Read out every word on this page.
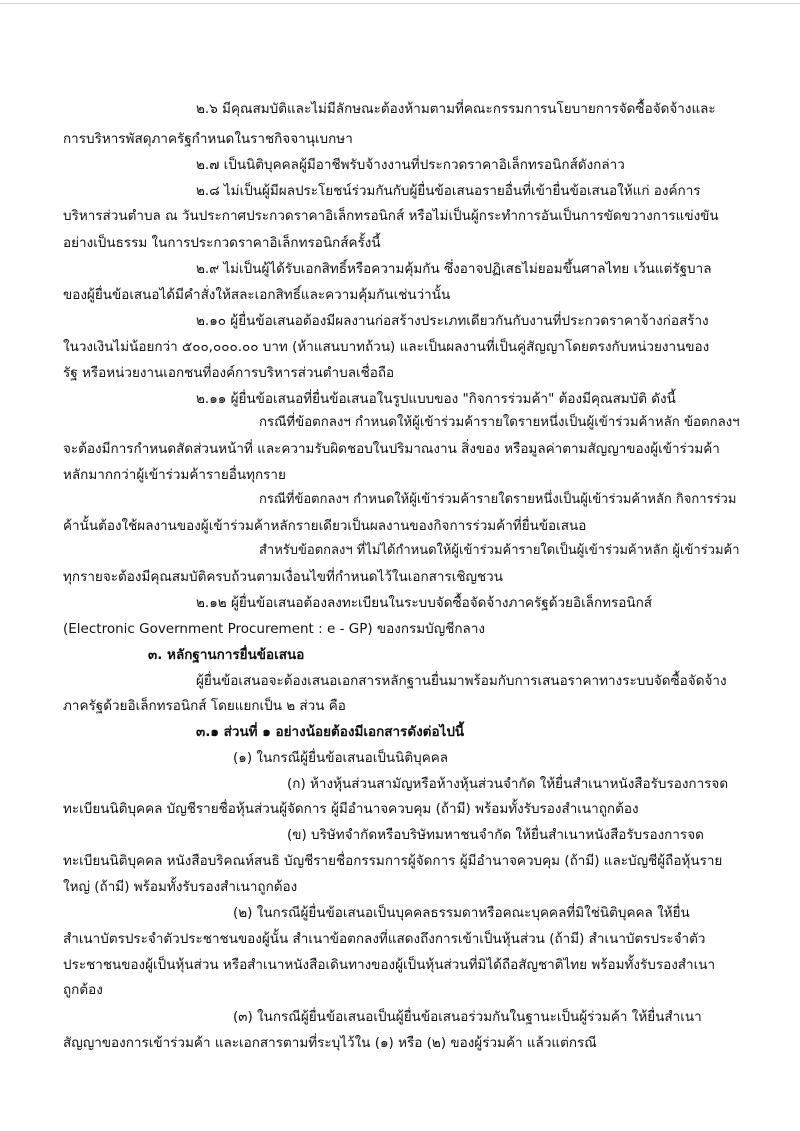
๒.๖ มีคุณสมบัติและไม่มีลักษณะต้องห้ามตามที่คณะกรรมการนโยบายการจัดซื้อจัดจ้างและ
การบริหารพัสดุภาครัฐกำหนดในราชกิจจานุเบกษา
๒.๗ เป็นนิติบุคคลผู้มีอาชีพรับจ้างงานที่ประกวดราคาอิเล็กทรอนิกส์ดังกล่าว
๒.๘ ไม่เป็นผู้มีผลประโยชน์ร่วมกันกับผู้ยื่นข้อเสนอรายอื่นที่เข้ายื่นข้อเสนอให้แก่ องค์การ
บริหารส่วนตำบล ณ วันประกาศประกวดราคาอิเล็กทรอนิกส์ หรือไม่เป็นผู้กระทำการอันเป็นการขัดขวางการแข่งขัน
อย่างเป็นธรรม ในการประกวดราคาอิเล็กทรอนิกส์ครั้งนี้
๒.๙ ไม่เป็นผู้ได้รับเอกสิทธิ์หรือความคุ้มกัน ซึ่งอาจปฏิเสธไม่ยอมขึ้นศาลไทย เว้นแต่รัฐบาล
ของผู้ยื่นข้อเสนอได้มีคำสั่งให้สละเอกสิทธิ์และความคุ้มกันเช่นว่านั้น
๒.๑๐ ผู้ยื่นข้อเสนอต้องมีผลงานก่อสร้างประเภทเดียวกันกับงานที่ประกวดราคาจ้างก่อสร้าง
ในวงเงินไม่น้อยกว่า ๕๐๐,๐๐๐.๐๐ บาท (ห้าแสนบาทถ้วน) และเป็นผลงานที่เป็นคู่สัญญาโดยตรงกับหน่วยงานของ
รัฐ หรือหน่วยงานเอกชนที่องค์การบริหารส่วนตำบลเชื่อถือ
๒.๑๑ ผู้ยื่นข้อเสนอที่ยื่นข้อเสนอในรูปแบบของ "กิจการร่วมค้า" ต้องมีคุณสมบัติ ดังนี้
กรณีที่ข้อตกลงฯ กำหนดให้ผู้เข้าร่วมค้ารายใดรายหนึ่งเป็นผู้เข้าร่วมค้าหลัก ข้อตกลงฯ
จะต้องมีการกำหนดสัดส่วนหน้าที่ และความรับผิดชอบในปริมาณงาน สิ่งของ หรือมูลค่าตามสัญญาของผู้เข้าร่วมค้า
หลักมากกว่าผู้เข้าร่วมค้ารายอื่นทุกราย
กรณีที่ข้อตกลงฯ กำหนดให้ผู้เข้าร่วมค้ารายใดรายหนึ่งเป็นผู้เข้าร่วมค้าหลัก กิจการร่วม
ค้านั้นต้องใช้ผลงานของผู้เข้าร่วมค้าหลักรายเดียวเป็นผลงานของกิจการร่วมค้าที่ยื่นข้อเสนอ
สำหรับข้อตกลงฯ ที่ไม่ได้กำหนดให้ผู้เข้าร่วมค้ารายใดเป็นผู้เข้าร่วมค้าหลัก ผู้เข้าร่วมค้า
ทุกรายจะต้องมีคุณสมบัติครบถ้วนตามเงื่อนไขที่กำหนดไว้ในเอกสารเชิญชวน
๒.๑๒ ผู้ยื่นข้อเสนอต้องลงทะเบียนในระบบจัดซื้อจัดจ้างภาครัฐด้วยอิเล็กทรอนิกส์
(Electronic Government Procurement : e - GP) ของกรมบัญชีกลาง
๓. หลักฐานการยื่นข้อเสนอ
ผู้ยื่นข้อเสนอจะต้องเสนอเอกสารหลักฐานยื่นมาพร้อมกับการเสนอราคาทางระบบจัดซื้อจัดจ้าง
ภาครัฐด้วยอิเล็กทรอนิกส์ โดยแยกเป็น ๒ ส่วน คือ
๓.๑ ส่วนที่ ๑ อย่างน้อยต้องมีเอกสารดังต่อไปนี้
(๑) ในกรณีผู้ยื่นข้อเสนอเป็นนิติบุคคล
(ก) ห้างหุ้นส่วนสามัญหรือห้างหุ้นส่วนจำกัด ให้ยื่นสำเนาหนังสือรับรองการจด
ทะเบียนนิติบุคคล บัญชีรายชื่อหุ้นส่วนผู้จัดการ ผู้มีอำนาจควบคุม (ถ้ามี) พร้อมทั้งรับรองสำเนาถูกต้อง
(ข) บริษัทจำกัดหรือบริษัทมหาชนจำกัด ให้ยื่นสำเนาหนังสือรับรองการจด
ทะเบียนนิติบุคคล หนังสือบริคณห์สนธิ บัญชีรายชื่อกรรมการผู้จัดการ ผู้มีอำนาจควบคุม (ถ้ามี) และบัญชีผู้ถือหุ้นราย
ใหญ่ (ถ้ามี) พร้อมทั้งรับรองสำเนาถูกต้อง
(๒) ในกรณีผู้ยื่นข้อเสนอเป็นบุคคลธรรมดาหรือคณะบุคคลที่มิใช่นิติบุคคล ให้ยื่น
สำเนาบัตรประจำตัวประชาชนของผู้นั้น สำเนาข้อตกลงที่แสดงถึงการเข้าเป็นหุ้นส่วน (ถ้ามี) สำเนาบัตรประจำตัว
ประชาชนของผู้เป็นหุ้นส่วน หรือสำเนาหนังสือเดินทางของผู้เป็นหุ้นส่วนที่มิได้ถือสัญชาติไทย พร้อมทั้งรับรองสำเนา
ถูกต้อง
(๓) ในกรณีผู้ยื่นข้อเสนอเป็นผู้ยื่นข้อเสนอร่วมกันในฐานะเป็นผู้ร่วมค้า ให้ยื่นสำเนา
สัญญาของการเข้าร่วมค้า และเอกสารตามที่ระบุไว้ใน (๑) หรือ (๒) ของผู้ร่วมค้า แล้วแต่กรณี
